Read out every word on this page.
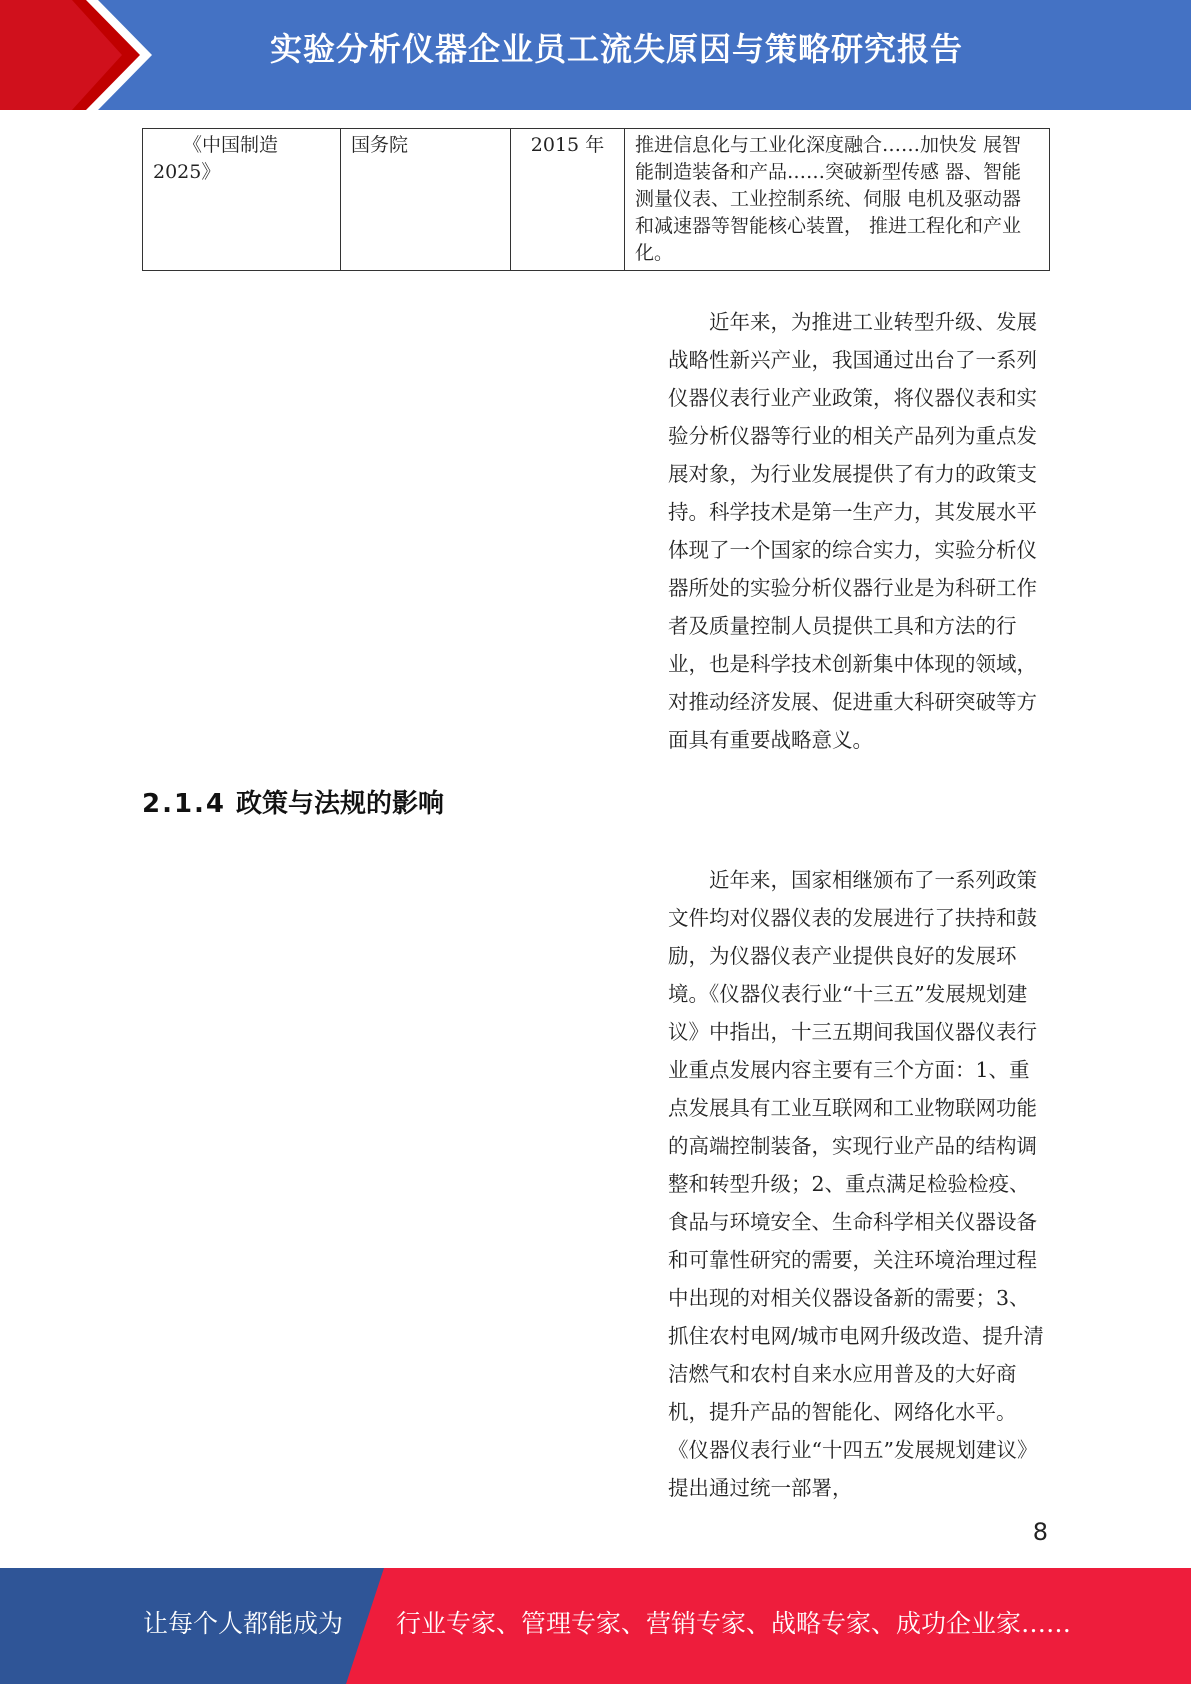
实验分析仪器企业员工流失原因与策略研究报告
《中国制造 2025》	国务院	2015 年	推进信息化与工业化深度融合……加快发 展智能制造装备和产品……突破新型传感 器、智能测量仪表、工业控制系统、伺服 电机及驱动器和减速器等智能核心装置， 推进工程化和产业化。

近年来，为推进工业转型升级、发展战略性新兴产业，我国通过出台了一系列仪器仪表行业产业政策，将仪器仪表和实验分析仪器等行业的相关产品列为重点发展对象，为行业发展提供了有力的政策支持。科学技术是第一生产力，其发展水平体现了一个国家的综合实力，实验分析仪器所处的实验分析仪器行业是为科研工作者及质量控制人员提供工具和方法的行业，也是科学技术创新集中体现的领域，对推动经济发展、促进重大科研突破等方面具有重要战略意义。

2.1.4 政策与法规的影响

近年来，国家相继颁布了一系列政策文件均对仪器仪表的发展进行了扶持和鼓励，为仪器仪表产业提供良好的发展环境。《仪器仪表行业“十三五”发展规划建议》中指出，十三五期间我国仪器仪表行业重点发展内容主要有三个方面：1、重点发展具有工业互联网和工业物联网功能的高端控制装备，实现行业产品的结构调整和转型升级；2、重点满足检验检疫、食品与环境安全、生命科学相关仪器设备和可靠性研究的需要，关注环境治理过程中出现的对相关仪器设备新的需要；3、抓住农村电网/城市电网升级改造、提升清洁燃气和农村自来水应用普及的大好商机，提升产品的智能化、网络化水平。《仪器仪表行业“十四五”发展规划建议》提出通过统一部署，

8
让每个人都能成为 行业专家、管理专家、营销专家、战略专家、成功企业家……
